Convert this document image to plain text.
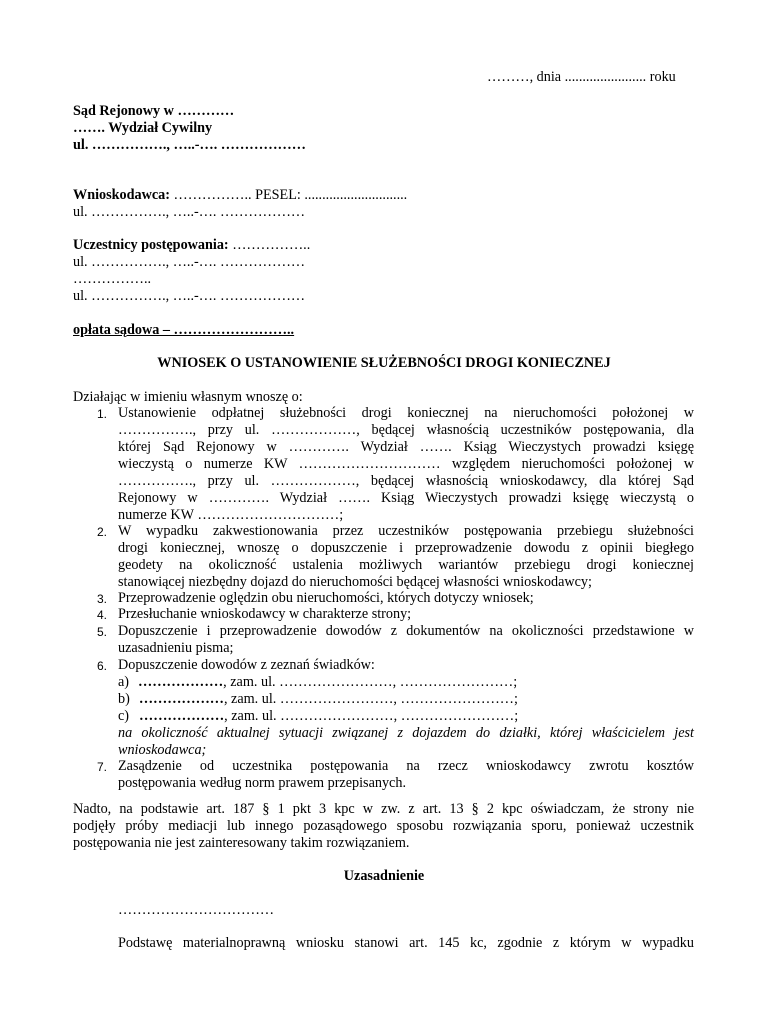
………, dnia ....................... roku
Sąd Rejonowy w …………
……. Wydział Cywilny
ul. ……………., …..-…. ………………
Wnioskodawca: …………….. PESEL: .............................
ul. ……………., …..-…. ………………
Uczestnicy postępowania: ……………..
ul. ……………., …..-…. ………………
……………..
ul. ……………., …..-…. ………………
opłata sądowa – ……………………..
WNIOSEK O USTANOWIENIE SŁUŻEBNOŚCI DROGI KONIECZNEJ
Działając w imieniu własnym wnoszę o:
1. Ustanowienie odpłatnej służebności drogi koniecznej na nieruchomości położonej w
……………., przy ul. ………………, będącej własnością uczestników postępowania, dla
której Sąd Rejonowy w …………. Wydział ……. Ksiąg Wieczystych prowadzi księgę
wieczystą o numerze KW ………………………… względem nieruchomości położonej w
……………., przy ul. ………………, będącej własnością wnioskodawcy, dla której Sąd
Rejonowy w …………. Wydział ……. Ksiąg Wieczystych prowadzi księgę wieczystą o
numerze KW …………………………;
2. W wypadku zakwestionowania przez uczestników postępowania przebiegu służebności
drogi koniecznej, wnoszę o dopuszczenie i przeprowadzenie dowodu z opinii biegłego
geodety na okoliczność ustalenia możliwych wariantów przebiegu drogi koniecznej
stanowiącej niezbędny dojazd do nieruchomości będącej własności wnioskodawcy;
3. Przeprowadzenie oględzin obu nieruchomości, których dotyczy wniosek;
4. Przesłuchanie wnioskodawcy w charakterze strony;
5. Dopuszczenie i przeprowadzenie dowodów z dokumentów na okoliczności przedstawione w
uzasadnieniu pisma;
6. Dopuszczenie dowodów z zeznań świadków:
a) ………………, zam. ul. ……………………, ……………………;
b) ………………, zam. ul. ……………………, ……………………;
c) ………………, zam. ul. ……………………, ……………………;
na okoliczność aktualnej sytuacji związanej z dojazdem do działki, której właścicielem jest
wnioskodawca;
7. Zasądzenie od uczestnika postępowania na rzecz wnioskodawcy zwrotu kosztów
postępowania według norm prawem przepisanych.
Nadto, na podstawie art. 187 § 1 pkt 3 kpc w zw. z art. 13 § 2 kpc oświadczam, że strony nie
podjęły próby mediacji lub innego pozasądowego sposobu rozwiązania sporu, ponieważ uczestnik
postępowania nie jest zainteresowany takim rozwiązaniem.
Uzasadnienie
……………………………
Podstawę materialnoprawną wniosku stanowi art. 145 kc, zgodnie z którym w wypadku
